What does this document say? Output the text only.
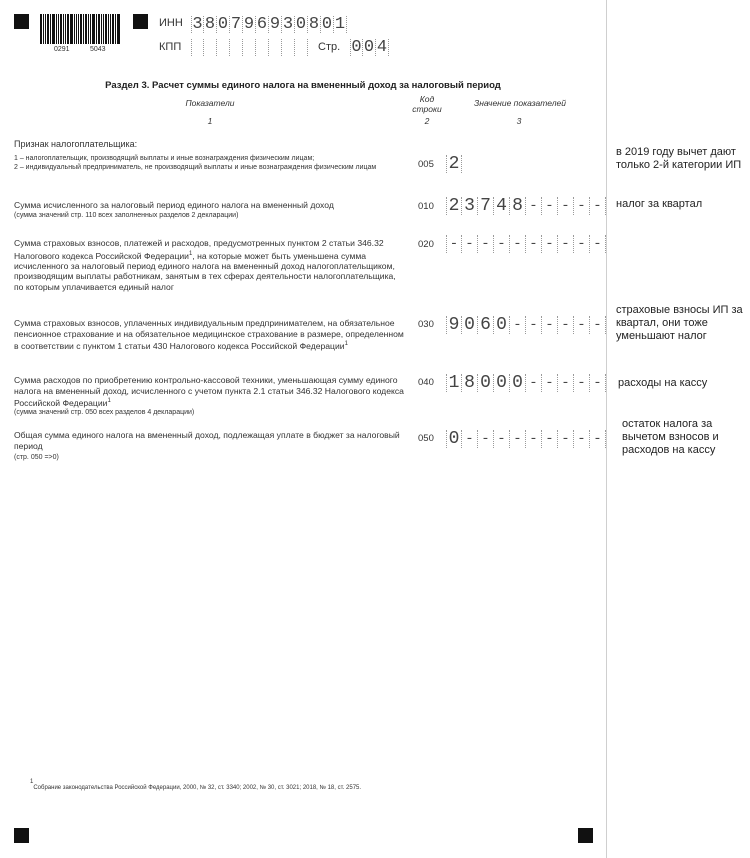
0291	5043
ИНН 3 8 0 7 9 6 9 3 0 8 0 1
КПП	Стр. 0 0 4
Раздел 3. Расчет суммы единого налога на вмененный доход за налоговый период
Показатели	Код строки
Значение показателей
1	2	3
Признак налогоплательщика:
1 – налогоплательщик, производящий выплаты и иные вознаграждения физическим лицам;
2 – индивидуальный предприниматель, не производящий выплаты и иные вознаграждения физическим лицам	005 2
Сумма исчисленного за налоговый период единого налога на вмененный доход
(сумма значений стр. 110 всех заполненных разделов 2 декларации)
010 2 3 7 4 8 - - - - -
Сумма страховых взносов, платежей и расходов, предусмотренных пунктом 2 статьи 346.32 Налогового кодекса Российской Федерации$^1$, на которые может быть уменьшена сумма исчисленного за налоговый период единого налога на вмененный доход налогоплательщиком, производящим выплаты работникам, занятым в тех сферах деятельности налогоплательщика, по которым уплачивается единый налог
020 - - - - - - - - - -
Сумма страховых взносов, уплаченных индивидуальным предпринимателем, на обязательное пенсионное страхование и на обязательное медицинское страхование в размере, определенном в соответствии с пунктом 1 статьи 430 Налогового кодекса Российской Федерации$^1$
030 9 0 6 0 - - - - - -
Сумма расходов по приобретению контрольно-кассовой техники, уменьшающая сумму единого налога на вмененный доход, исчисленного с учетом пункта 2.1 статьи 346.32 Налогового кодекса Российской Федерации$^1$
(сумма значений стр. 050 всех разделов 4 декларации)
040 1 8 0 0 0 - - - - -
Общая сумма единого налога на вмененный доход, подлежащая уплате в бюджет за налоговый период
(стр. 050 =>0)
050 0 - - - - - - - - -
$^1$Собрание законодательства Российской Федерации, 2000, № 32, ст. 3340; 2002, № 30, ст. 3021; 2018, № 18, ст. 2575.
в 2019 году вычет дают только 2-й категории ИП
налог за квартал
страховые взносы ИП за квартал, они тоже уменьшают налог
расходы на кассу
остаток налога за вычетом взносов и расходов на кассу
